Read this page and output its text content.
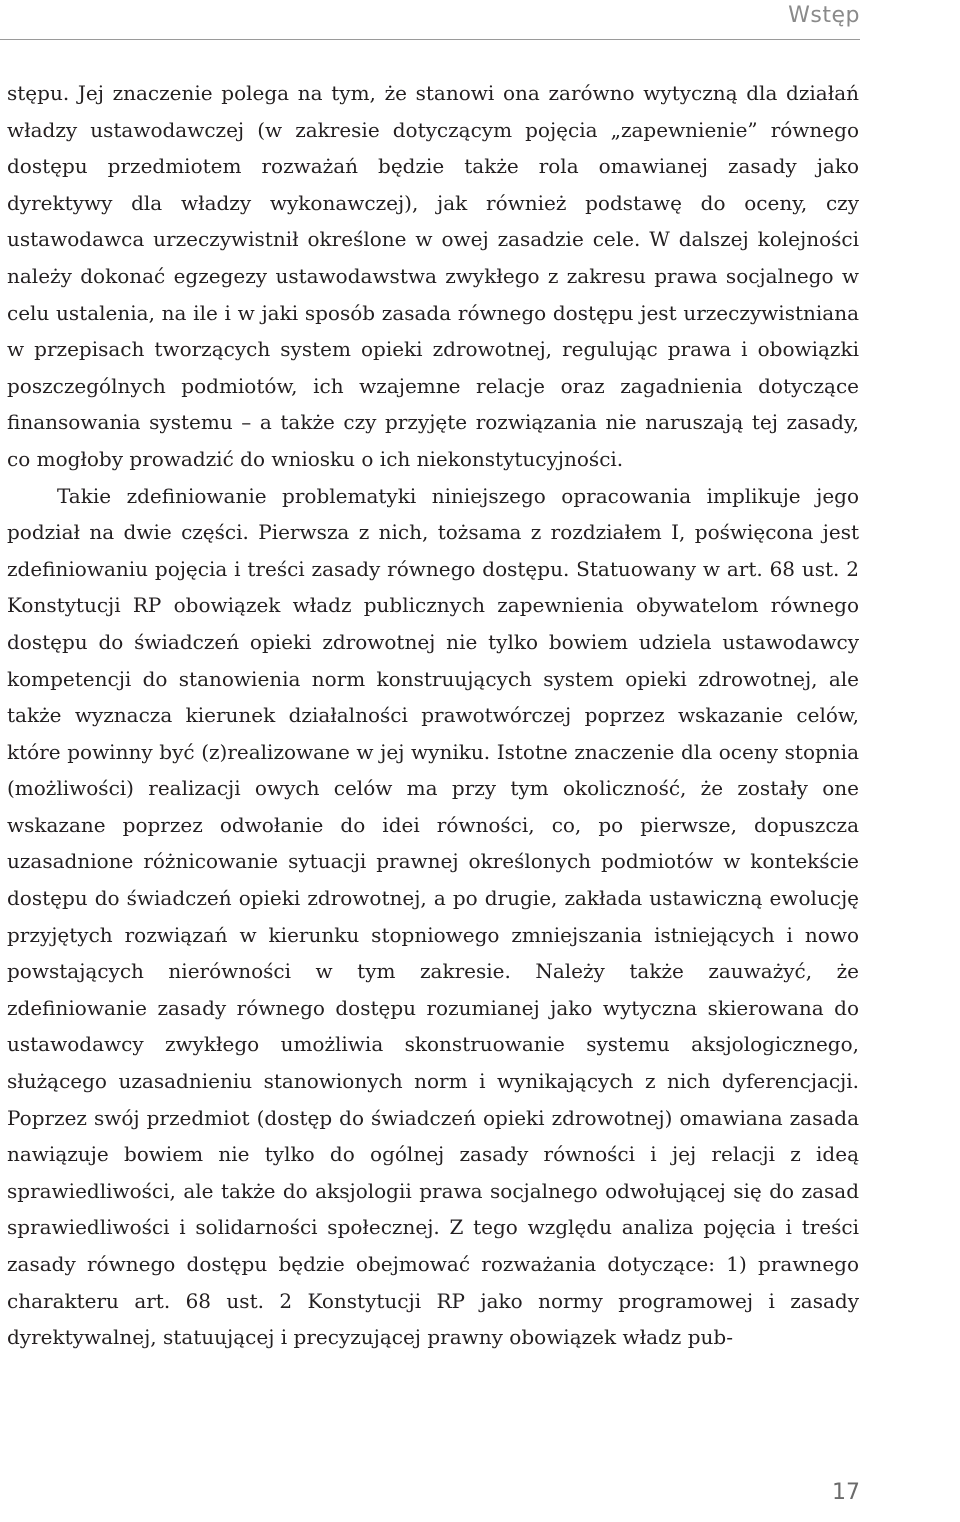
Wstęp

stępu. Jej znaczenie polega na tym, że stanowi ona zarówno wytyczną dla działań władzy ustawodawczej (w zakresie dotyczącym pojęcia „zapewnienie” równego dostępu przedmiotem rozważań będzie także rola omawianej zasady jako dyrektywy dla władzy wykonawczej), jak również podstawę do oceny, czy ustawodawca urzeczywistnił określone w owej zasadzie cele. W dalszej kolejności należy dokonać egzegezy ustawodawstwa zwykłego z zakresu prawa socjalnego w celu ustalenia, na ile i w jaki sposób zasada równego dostępu jest urzeczywistniana w przepisach tworzących system opieki zdrowotnej, regulując prawa i obowiązki poszczególnych podmiotów, ich wzajemne relacje oraz zagadnienia dotyczące finansowania systemu – a także czy przyjęte rozwiązania nie naruszają tej zasady, co mogłoby prowadzić do wniosku o ich niekonstytucyjności.

Takie zdefiniowanie problematyki niniejszego opracowania implikuje jego podział na dwie części. Pierwsza z nich, tożsama z rozdziałem I, poświęcona jest zdefiniowaniu pojęcia i treści zasady równego dostępu. Statuowany w art. 68 ust. 2 Konstytucji RP obowiązek władz publicznych zapewnienia obywatelom równego dostępu do świadczeń opieki zdrowotnej nie tylko bowiem udziela ustawodawcy kompetencji do stanowienia norm konstruujących system opieki zdrowotnej, ale także wyznacza kierunek działalności prawotwórczej poprzez wskazanie celów, które powinny być (z)realizowane w jej wyniku. Istotne znaczenie dla oceny stopnia (możliwości) realizacji owych celów ma przy tym okoliczność, że zostały one wskazane poprzez odwołanie do idei równości, co, po pierwsze, dopuszcza uzasadnione różnicowanie sytuacji prawnej określonych podmiotów w kontekście dostępu do świadczeń opieki zdrowotnej, a po drugie, zakłada ustawiczną ewolucję przyjętych rozwiązań w kierunku stopniowego zmniejszania istniejących i nowo powstających nierówności w tym zakresie. Należy także zauważyć, że zdefiniowanie zasady równego dostępu rozumianej jako wytyczna skierowana do ustawodawcy zwykłego umożliwia skonstruowanie systemu aksjologicznego, służącego uzasadnieniu stanowionych norm i wynikających z nich dyferencjacji. Poprzez swój przedmiot (dostęp do świadczeń opieki zdrowotnej) omawiana zasada nawiązuje bowiem nie tylko do ogólnej zasady równości i jej relacji z ideą sprawiedliwości, ale także do aksjologii prawa socjalnego odwołującej się do zasad sprawiedliwości i solidarności społecznej. Z tego względu analiza pojęcia i treści zasady równego dostępu będzie obejmować rozważania dotyczące: 1) prawnego charakteru art. 68 ust. 2 Konstytucji RP jako normy programowej i zasady dyrektywalnej, statuującej i precyzującej prawny obowiązek władz pub-

17
